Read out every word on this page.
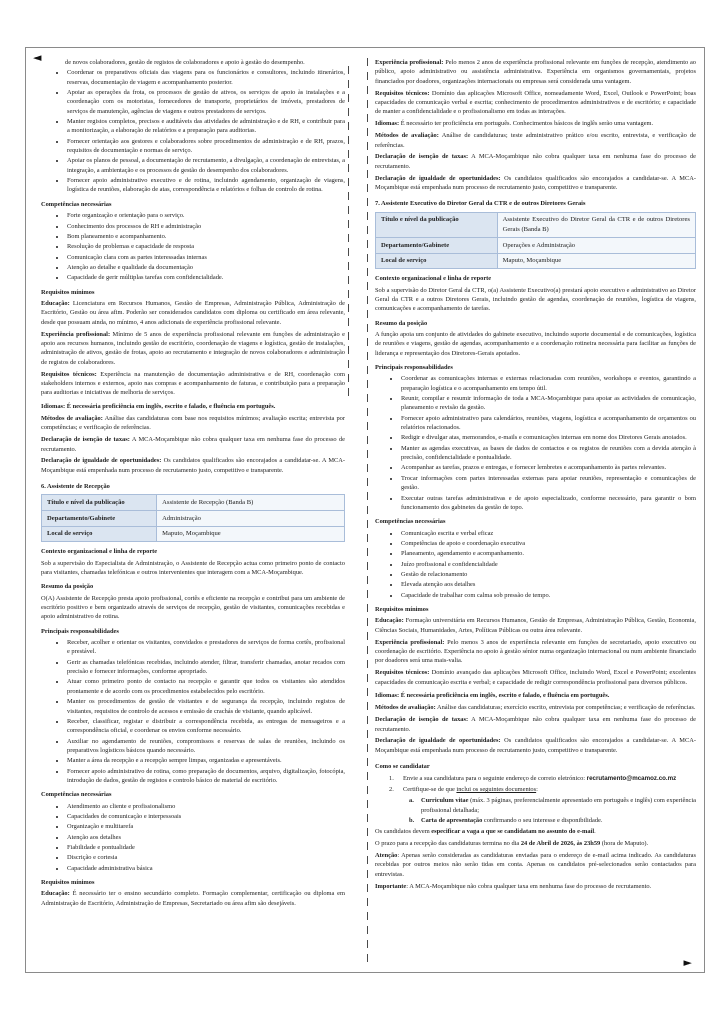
◄
►

de novos colaboradores, gestão de registos de colaboradores e apoio à gestão do desempenho.

• Coordenar os preparativos oficiais das viagens para os funcionários e consultores, incluindo itinerários, reservas, documentação de viagem e acompanhamento posterior.
• Apoiar as operações da frota, os processos de gestão de ativos, os serviços de apoio às instalações e a coordenação com os motoristas, fornecedores de transporte, proprietários de imóveis, prestadores de serviços de manutenção, agências de viagens e outros prestadores de serviços.
• Manter registos completos, precisos e auditáveis das atividades de administração e de RH, e contribuir para a monitorização, a elaboração de relatórios e a preparação para auditorias.
• Fornecer orientação aos gestores e colaboradores sobre procedimentos de administração e de RH, prazos, requisitos de documentação e normas de serviço.
• Apoiar os planos de pessoal, a documentação de recrutamento, a divulgação, a coordenação de entrevistas, a integração, a ambientação e os processos de gestão do desempenho dos colaboradores.
• Fornecer apoio administrativo executivo e de rotina, incluindo agendamento, organização de viagens, logística de reuniões, elaboração de atas, correspondência e relatórios e folhas de controlo de rotina.

Competências necessárias

• Forte organização e orientação para o serviço.
• Conhecimento dos processos de RH e administração
• Bom planeamento e acompanhamento.
• Resolução de problemas e capacidade de resposta
• Comunicação clara com as partes interessadas internas
• Atenção ao detalhe e qualidade da documentação
• Capacidade de gerir múltiplas tarefas com confidencialidade.

Requisitos mínimos

Educação: Licenciatura em Recursos Humanos, Gestão de Empresas, Administração Pública, Administração de Escritório, Gestão ou área afim. Poderão ser considerados candidatos com diploma ou certificado em área relevante, desde que possuam ainda, no mínimo, 4 anos adicionais de experiência profissional relevante.

Experiência profissional: Mínimo de 5 anos de experiência profissional relevante em funções de administração e apoio aos recursos humanos, incluindo gestão de escritório, coordenação de viagens e logística, gestão de instalações, administração de ativos, gestão de frotas, apoio ao recrutamento e integração de novos colaboradores e administração de registos de colaboradores.

Requisitos técnicos: Experiência na manutenção de documentação administrativa e de RH, coordenação com stakeholders internos e externos, apoio nas compras e acompanhamento de faturas, e contribuição para a preparação para auditorias e iniciativas de melhoria de serviços.

Idiomas: É necessária proficiência em inglês, escrito e falado, e fluência em português.

Métodos de avaliação: Análise das candidaturas com base nos requisitos mínimos; avaliação escrita; entrevista por competências; e verificação de referências.

Declaração de isenção de taxas: A MCA-Moçambique não cobra qualquer taxa em nenhuma fase do processo de recrutamento.

Declaração de igualdade de oportunidades: Os candidatos qualificados são encorajados a candidatar-se. A MCA-Moçambique está empenhada num processo de recrutamento justo, competitivo e transparente.

6. Assistente de Recepção

Título e nível da publicação	Assistente de Recepção (Banda B)
Departamento/Gabinete	Administração
Local de serviço	Maputo, Moçambique

Contexto organizacional e linha de reporte

Sob a supervisão do Especialista de Administração, o Assistente de Recepção actua como primeiro ponto de contacto para visitantes, chamadas telefónicas e outros intervenientes que interagem com a MCA-Moçambique.

Resumo da posição

O(A) Assistente de Recepção presta apoio profissional, cortês e eficiente na recepção e contribui para um ambiente de escritório positivo e bem organizado através de serviços de recepção, gestão de visitantes, comunicações recebidas e apoio administrativo de rotina.

Principais responsabilidades

• Receber, acolher e orientar os visitantes, convidados e prestadores de serviços de forma cortês, profissional e prestável.
• Gerir as chamadas telefónicas recebidas, incluindo atender, filtrar, transferir chamadas, anotar recados com precisão e fornecer informações, conforme apropriado.
• Atuar como primeiro ponto de contacto na recepção e garantir que todos os visitantes são atendidos prontamente e de acordo com os procedimentos estabelecidos pelo escritório.
• Manter os procedimentos de gestão de visitantes e de segurança da recepção, incluindo registos de visitantes, requisitos de controlo de acessos e emissão de crachás de visitante, quando aplicável.
• Receber, classificar, registar e distribuir a correspondência recebida, as entregas de mensageiros e a correspondência oficial, e coordenar os envios conforme necessário.
• Auxiliar no agendamento de reuniões, compromissos e reservas de salas de reuniões, incluindo os preparativos logísticos básicos quando necessário.
• Manter a área da recepção e a recepção sempre limpas, organizadas e apresentáveis.
• Fornecer apoio administrativo de rotina, como preparação de documentos, arquivo, digitalização, fotocópia, introdução de dados, gestão de registos e controlo básico de material de escritório.

Competências necessárias

• Atendimento ao cliente e profissionalismo
• Capacidades de comunicação e interpessoais
• Organização e multitarefa
• Atenção aos detalhes
• Fiabilidade e pontualidade
• Discrição e cortesia
• Capacidade administrativa básica

Requisitos mínimos

Educação: É necessário ter o ensino secundário completo. Formação complementar, certificação ou diploma em Administração de Escritório, Administração de Empresas, Secretariado ou área afim são desejáveis.

Experiência profissional: Pelo menos 2 anos de experiência profissional relevante em funções de recepção, atendimento ao público, apoio administrativo ou assistência administrativa. Experiência em organismos governamentais, projetos financiados por doadores, organizações internacionais ou empresas será considerada uma vantagem.

Requisitos técnicos: Domínio das aplicações Microsoft Office, nomeadamente Word, Excel, Outlook e PowerPoint; boas capacidades de comunicação verbal e escrita; conhecimento de procedimentos administrativos e de escritório; e capacidade de manter a confidencialidade e o profissionalismo em todas as interações.

Idiomas: É necessário ter proficiência em português. Conhecimentos básicos de inglês serão uma vantagem.

Métodos de avaliação: Análise de candidaturas; teste administrativo prático e/ou escrito, entrevista, e verificação de referências.

Declaração de isenção de taxas: A MCA-Moçambique não cobra qualquer taxa em nenhuma fase do processo de recrutamento.

Declaração de igualdade de oportunidades: Os candidatos qualificados são encorajados a candidatar-se. A MCA-Moçambique está empenhada num processo de recrutamento justo, competitivo e transparente.

7. Assistente Executivo do Diretor Geral da CTR e de outros Diretores Gerais

Título e nível da publicação	Assistente Executivo do Diretor Geral da CTR e de outros Diretores Gerais (Banda B)
Departamento/Gabinete	Operações e Administração
Local de serviço	Maputo, Moçambique

Contexto organizacional e linha de reporte

Sob a supervisão do Diretor Geral da CTR, o(a) Assistente Executivo(a) prestará apoio executivo e administrativo ao Diretor Geral da CTR e a outros Diretores Gerais, incluindo gestão de agendas, coordenação de reuniões, logística de viagens, comunicações e acompanhamento de tarefas.

Resumo da posição

A função apoia um conjunto de atividades do gabinete executivo, incluindo suporte documental e de comunicações, logística de reuniões e viagens, gestão de agendas, acompanhamento e a coordenação rotineira necessária para facilitar as funções de liderança e representação dos Diretores-Gerais apoiados.

Principais responsabilidades

• Coordenar as comunicações internas e externas relacionadas com reuniões, workshops e eventos, garantindo a preparação logística e o acompanhamento em tempo útil.
• Reunir, compilar e resumir informação de toda a MCA-Moçambique para apoiar as actividades de comunicação, planeamento e revisão da gestão.
• Fornecer apoio administrativo para calendários, reuniões, viagens, logística e acompanhamento de orçamentos ou relatórios relacionados.
• Redigir e divulgar atas, memorandos, e-mails e comunicações internas em nome dos Diretores Gerais апoiados.
• Manter as agendas executivas, as bases de dados de contactos e os registos de reuniões com a devida atenção à precisão, confidencialidade e pontualidade.
• Acompanhar as tarefas, prazos e entregas, e fornecer lembretes e acompanhamento às partes relevantes.
• Trocar informações com partes interessadas externas para apoiar reuniões, representação e comunicações de gestão.
• Executar outras tarefas administrativas e de apoio especializado, conforme necessário, para garantir o bom funcionamento dos gabinetes da gestão de topo.

Competências necessárias

• Comunicação escrita e verbal eficaz
• Competências de apoio e coordenação executiva
• Planeamento, agendamento e acompanhamento.
• Juízo profissional e confidencialidade
• Gestão de relacionamento
• Elevada atenção aos detalhes
• Capacidade de trabalhar com calma sob pressão de tempo.

Requisitos mínimos

Educação: Formação universitária em Recursos Humanos, Gestão de Empresas, Administração Pública, Gestão, Economia, Ciências Sociais, Humanidades, Artes, Políticas Públicas ou outra área relevante.

Experiência profissional: Pelo menos 3 anos de experiência relevante em funções de secretariado, apoio executivo ou coordenação de escritório. Experiência no apoio à gestão sénior numa organização internacional ou num ambiente financiado por doadores será uma mais-valia.

Requisitos técnicos: Domínio avançado das aplicações Microsoft Office, incluindo Word, Excel e PowerPoint; excelentes capacidades de comunicação escrita e verbal; e capacidade de redigir correspondência profissional para diversos públicos.

Idiomas: É necessária proficiência em inglês, escrito e falado, e fluência em português.

Métodos de avaliação: Análise das candidaturas; exercício escrito, entrevista por competências; e verificação de referências.

Declaração de isenção de taxas: A MCA-Moçambique não cobra qualquer taxa em nenhuma fase do processo de recrutamento.

Declaração de igualdade de oportunidades: Os candidatos qualificados são encorajados a candidatar-se. A MCA-Moçambique está empenhada num processo de recrutamento justo, competitivo e transparente.

Como se candidatar

1.	Envie a sua candidatura para o seguinte endereço de correio eletrónico: recrutamento@mcamoz.co.mz
2.	Certifique-se de que inclui os seguintes documentos:
a.	Curriculum vitae (máx. 3 páginas, preferencialmente apresentado em português e inglês) com experiência profissional detalhada;
b.	Carta de apresentação confirmando o seu interesse e disponibilidade.

Os candidatos devem especificar a vaga a que se candidatam no assunto do e-mail.

O prazo para a recepção das candidaturas termina no dia 24 de Abril de 2026, às 23h59 (hora de Maputo).

Atenção: Apenas serão consideradas as candidaturas enviadas para o endereço de e-mail acima indicado. As candidaturas recebidas por outros meios não serão tidas em conta. Apenas os candidatos pré-selecionados serão contactados para entrevistas.

Importante: A MCA-Moçambique não cobra qualquer taxa em nenhuma fase do processo de recrutamento.
